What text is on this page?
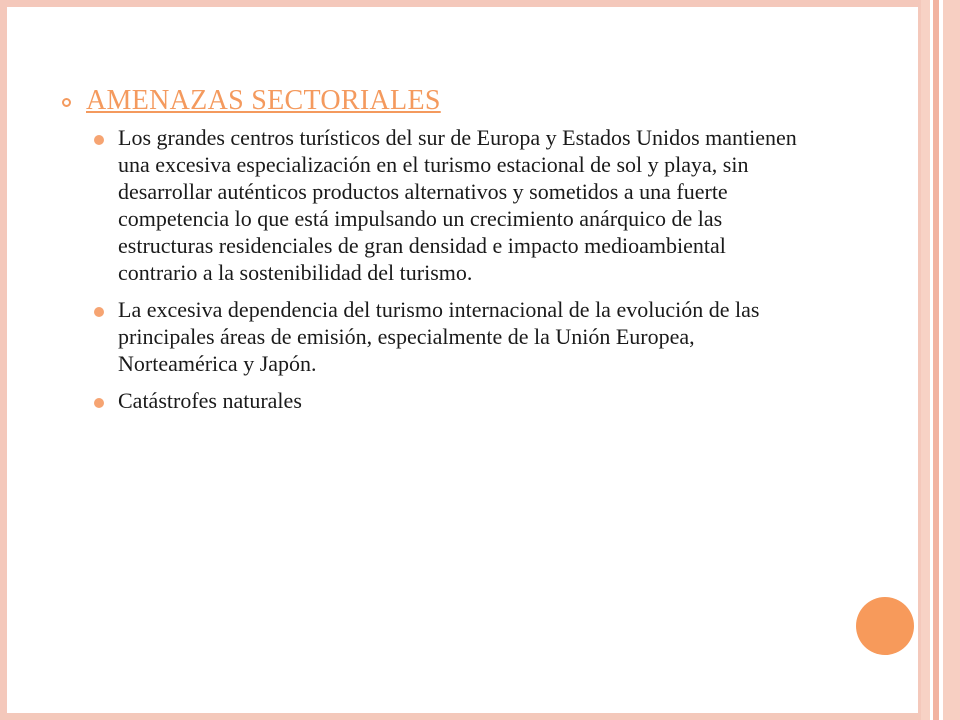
AMENAZAS SECTORIALES
Los grandes centros turísticos del sur de Europa y Estados Unidos mantienen una excesiva especialización en el turismo estacional de sol y playa, sin desarrollar auténticos productos alternativos y sometidos a una fuerte competencia lo que está impulsando un crecimiento anárquico de las estructuras residenciales de gran densidad e impacto medioambiental contrario a la sostenibilidad del turismo.
La excesiva dependencia del turismo internacional de la evolución de las principales áreas de emisión, especialmente de la Unión Europea, Norteamérica y Japón.
Catástrofes naturales
